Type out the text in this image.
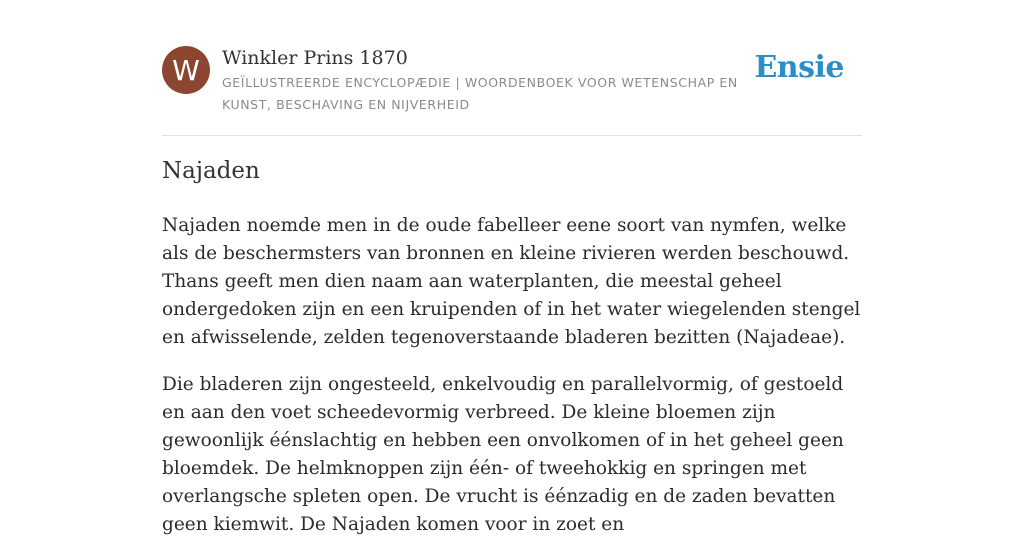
W	Winkler Prins 1870
GEÏLLUSTREERDE ENCYCLOPÆDIE | WOORDENBOEK VOOR WETENSCHAP EN KUNST, BESCHAVING EN NIJVERHEID
Ensie
Najaden

Najaden noemde men in de oude fabelleer eene soort van nymfen, welke als de beschermsters van bronnen en kleine rivieren werden beschouwd. Thans geeft men dien naam aan waterplanten, die meestal geheel ondergedoken zijn en een kruipenden of in het water wiegelenden stengel en afwisselende, zelden tegenoverstaande bladeren bezitten (Najadeae).

Die bladeren zijn ongesteeld, enkelvoudig en parallelvormig, of gestoeld en aan den voet scheedevormig verbreed. De kleine bloemen zijn gewoonlijk éénslachtig en hebben een onvolkomen of in het geheel geen bloemdek. De helmknoppen zijn één- of tweehokkig en springen met overlangsche spleten open. De vrucht is éénzadig en de zaden bevatten geen kiemwit. De Najaden komen voor in zoet en
